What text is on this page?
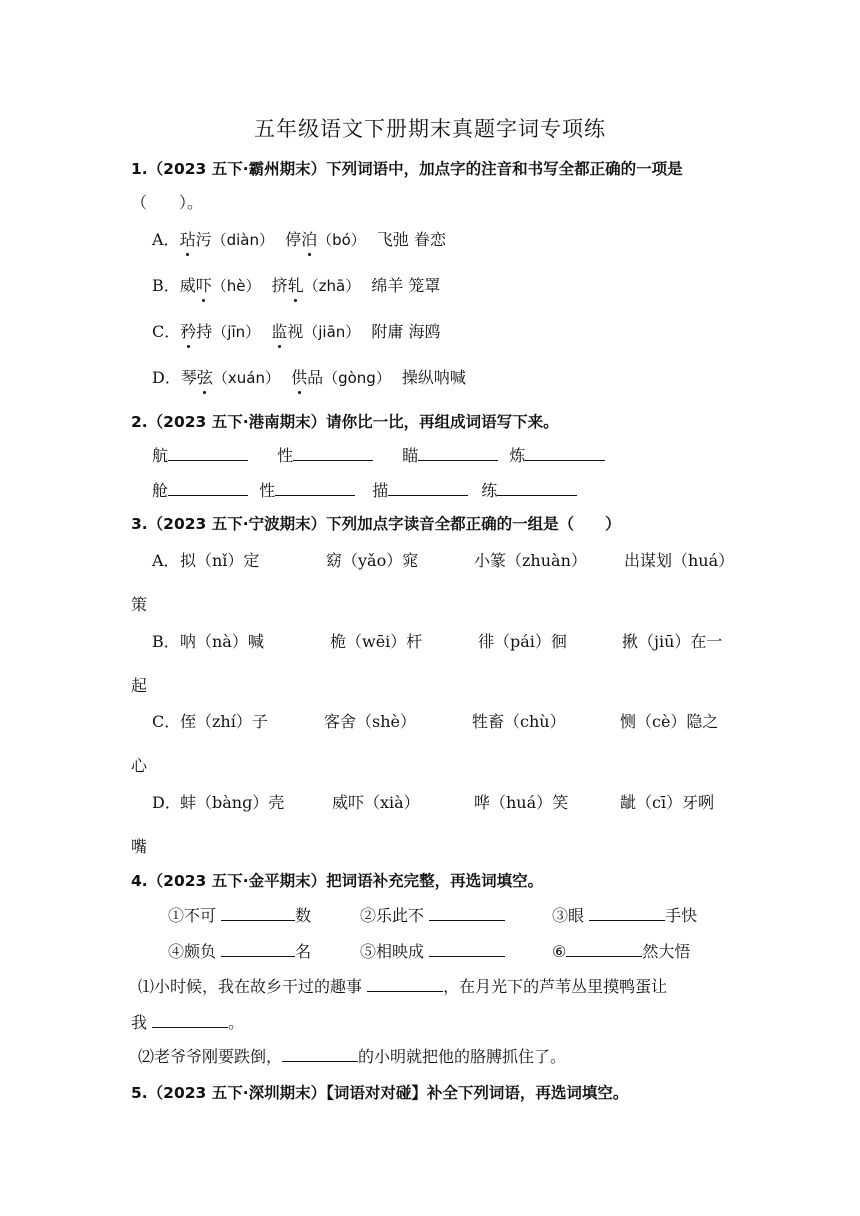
五年级语文下册期末真题字词专项练
1.（2023 五下·霸州期末）下列词语中，加点字的注音和书写全都正确的一项是
（　　）。
A．玷污（diàn） 停泊（bó） 飞弛 眷恋
B．威吓（hè） 挤轧（zhā） 绵羊 笼罩
C．矜持（jīn） 监视（jiān） 附庸 海鸥
D．琴弦（xuán） 供品（gòng） 操纵呐喊
2.（2023 五下·港南期末）请你比一比，再组成词语写下来。
航	性	瞄	炼
舱	性	描	练
3.（2023 五下·宁波期末）下列加点字读音全都正确的一组是（　　）
A． 拟（nǐ）定	窈（yǎo）窕	小篆（zhuàn） 出谋划（huá）
策
B． 呐（nà）喊	桅（wēi）杆	徘（pái）徊	揪（jiū）在一
起
C． 侄（zhí）子	客舍（shè）	牲畜（chù）	恻（cè）隐之
心
D． 蚌（bànɡ）壳	威吓（xià）	哗（huá）笑	龇（cī）牙咧
嘴
4.（2023 五下·金平期末）把词语补充完整，再选词填空。
①不可	数	②乐此不	③眼	手快
④颇负	名	⑤相映成	⑥	然大悟
⑴小时候，我在故乡干过的趣事	，在月光下的芦苇丛里摸鸭蛋让
我	。
⑵老爷爷刚要跌倒，	的小明就把他的胳膊抓住了。
5.（2023 五下·深圳期末）【词语对对碰】补全下列词语，再选词填空。
